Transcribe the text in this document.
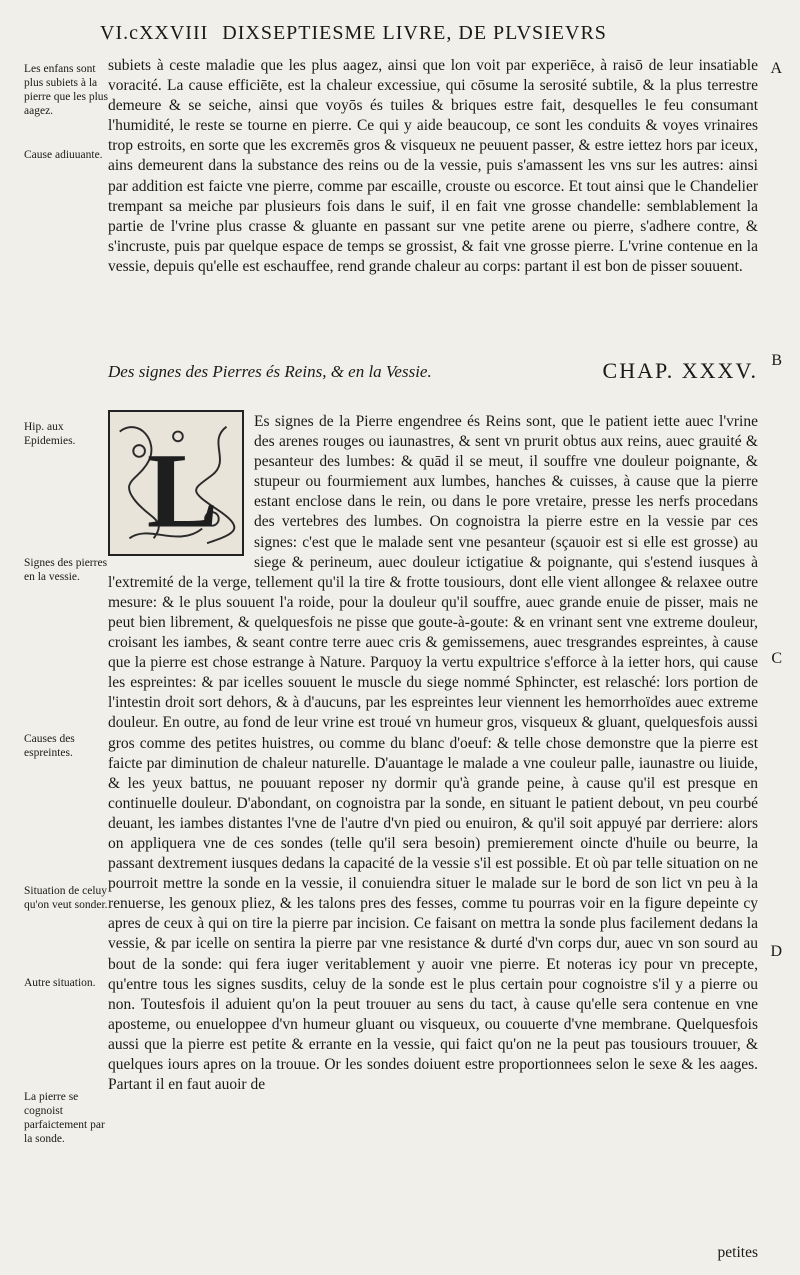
VI.cXXVIII DIXSEPTIESME LIVRE, DE PLVSIEVRS
A
B
C
D
Les enfans sont plus subiets à la pierre que les plus aagez.
Cause adiuuante.
Hip. aux Epidemies.
Signes des pierres en la vessie.
Causes des espreintes.
Situation de celuy qu'on veut sonder.
Autre situation.
La pierre se cognoist parfaictement par la sonde.
subiets à ceste maladie que les plus aagez, ainsi que lon voit par experiēce, à raisō de leur insatiable voracité. La cause efficiēte, est la chaleur excessiue, qui cōsume la serosité subtile, & la plus terrestre demeure & se seiche, ainsi que voyōs és tuiles & briques estre fait, desquelles le feu consumant l'humidité, le reste se tourne en pierre. Ce qui y aide beaucoup, ce sont les conduits & voyes vrinaires trop estroits, en sorte que les excremēs gros & visqueux ne peuuent passer, & estre iettez hors par iceux, ains demeurent dans la substance des reins ou de la vessie, puis s'amassent les vns sur les autres: ainsi par addition est faicte vne pierre, comme par escaille, crouste ou escorce. Et tout ainsi que le Chandelier trempant sa meiche par plusieurs fois dans le suif, il en fait vne grosse chandelle: semblablement la partie de l'vrine plus crasse & gluante en passant sur vne petite arene ou pierre, s'adhere contre, & s'incruste, puis par quelque espace de temps se grossist, & fait vne grosse pierre. L'vrine contenue en la vessie, depuis qu'elle est eschauffee, rend grande chaleur au corps: partant il est bon de pisser souuent.
Des signes des Pierres és Reins, & en la Vessie.	CHAP. XXXV.
Es signes de la Pierre engendree és Reins sont, que le patient iette auec l'vrine des arenes rouges ou iaunastres, & sent vn prurit obtus aux reins, auec grauité & pesanteur des lumbes: & quād il se meut, il souffre vne douleur poignante, & stupeur ou fourmiement aux lumbes, hanches & cuisses, à cause que la pierre estant enclose dans le rein, ou dans le pore vretaire, presse les nerfs procedans des vertebres des lumbes. On cognoistra la pierre estre en la vessie par ces signes: c'est que le malade sent vne pesanteur (sçauoir est si elle est grosse) au siege & perineum, auec douleur ictigatiue & poignante, qui s'estend iusques à l'extremité de la verge, tellement qu'il la tire & frotte tousiours, dont elle vient allongee & relaxee outre mesure: & le plus souuent l'a roide, pour la douleur qu'il souffre, auec grande enuie de pisser, mais ne peut bien librement, & quelquesfois ne pisse que goute-à-goute: & en vrinant sent vne extreme douleur, croisant les iambes, & seant contre terre auec cris & gemissemens, auec tresgrandes espreintes, à cause que la pierre est chose estrange à Nature. Parquoy la vertu expultrice s'efforce à la ietter hors, qui cause les espreintes: & par icelles souuent le muscle du siege nommé Sphincter, est relasché: lors portion de l'intestin droit sort dehors, & à d'aucuns, par les espreintes leur viennent les hemorrhoïdes auec extreme douleur. En outre, au fond de leur vrine est troué vn humeur gros, visqueux & gluant, quelquesfois aussi gros comme des petites huistres, ou comme du blanc d'oeuf: & telle chose demonstre que la pierre est faicte par diminution de chaleur naturelle. D'auantage le malade a vne couleur palle, iaunastre ou liuide, & les yeux battus, ne pouuant reposer ny dormir qu'à grande peine, à cause qu'il est presque en continuelle douleur. D'abondant, on cognoistra par la sonde, en situant le patient debout, vn peu courbé deuant, les iambes distantes l'vne de l'autre d'vn pied ou enuiron, & qu'il soit appuyé par derriere: alors on appliquera vne de ces sondes (telle qu'il sera besoin) premierement oincte d'huile ou beurre, la passant dextrement iusques dedans la capacité de la vessie s'il est possible. Et où par telle situation on ne pourroit mettre la sonde en la vessie, il conuiendra situer le malade sur le bord de son lict vn peu à la renuerse, les genoux pliez, & les talons pres des fesses, comme tu pourras voir en la figure depeinte cy apres de ceux à qui on tire la pierre par incision. Ce faisant on mettra la sonde plus facilement dedans la vessie, & par icelle on sentira la pierre par vne resistance & durté d'vn corps dur, auec vn son sourd au bout de la sonde: qui fera iuger veritablement y auoir vne pierre. Et noteras icy pour vn precepte, qu'entre tous les signes susdits, celuy de la sonde est le plus certain pour cognoistre s'il y a pierre ou non. Toutesfois il aduient qu'on la peut trouuer au sens du tact, à cause qu'elle sera contenue en vne aposteme, ou enueloppee d'vn humeur gluant ou visqueux, ou couuerte d'vne membrane. Quelquesfois aussi que la pierre est petite & errante en la vessie, qui faict qu'on ne la peut pas tousiours trouuer, & quelques iours apres on la trouue. Or les sondes doiuent estre proportionnees selon le sexe & les aages. Partant il en faut auoir de
L
petites
